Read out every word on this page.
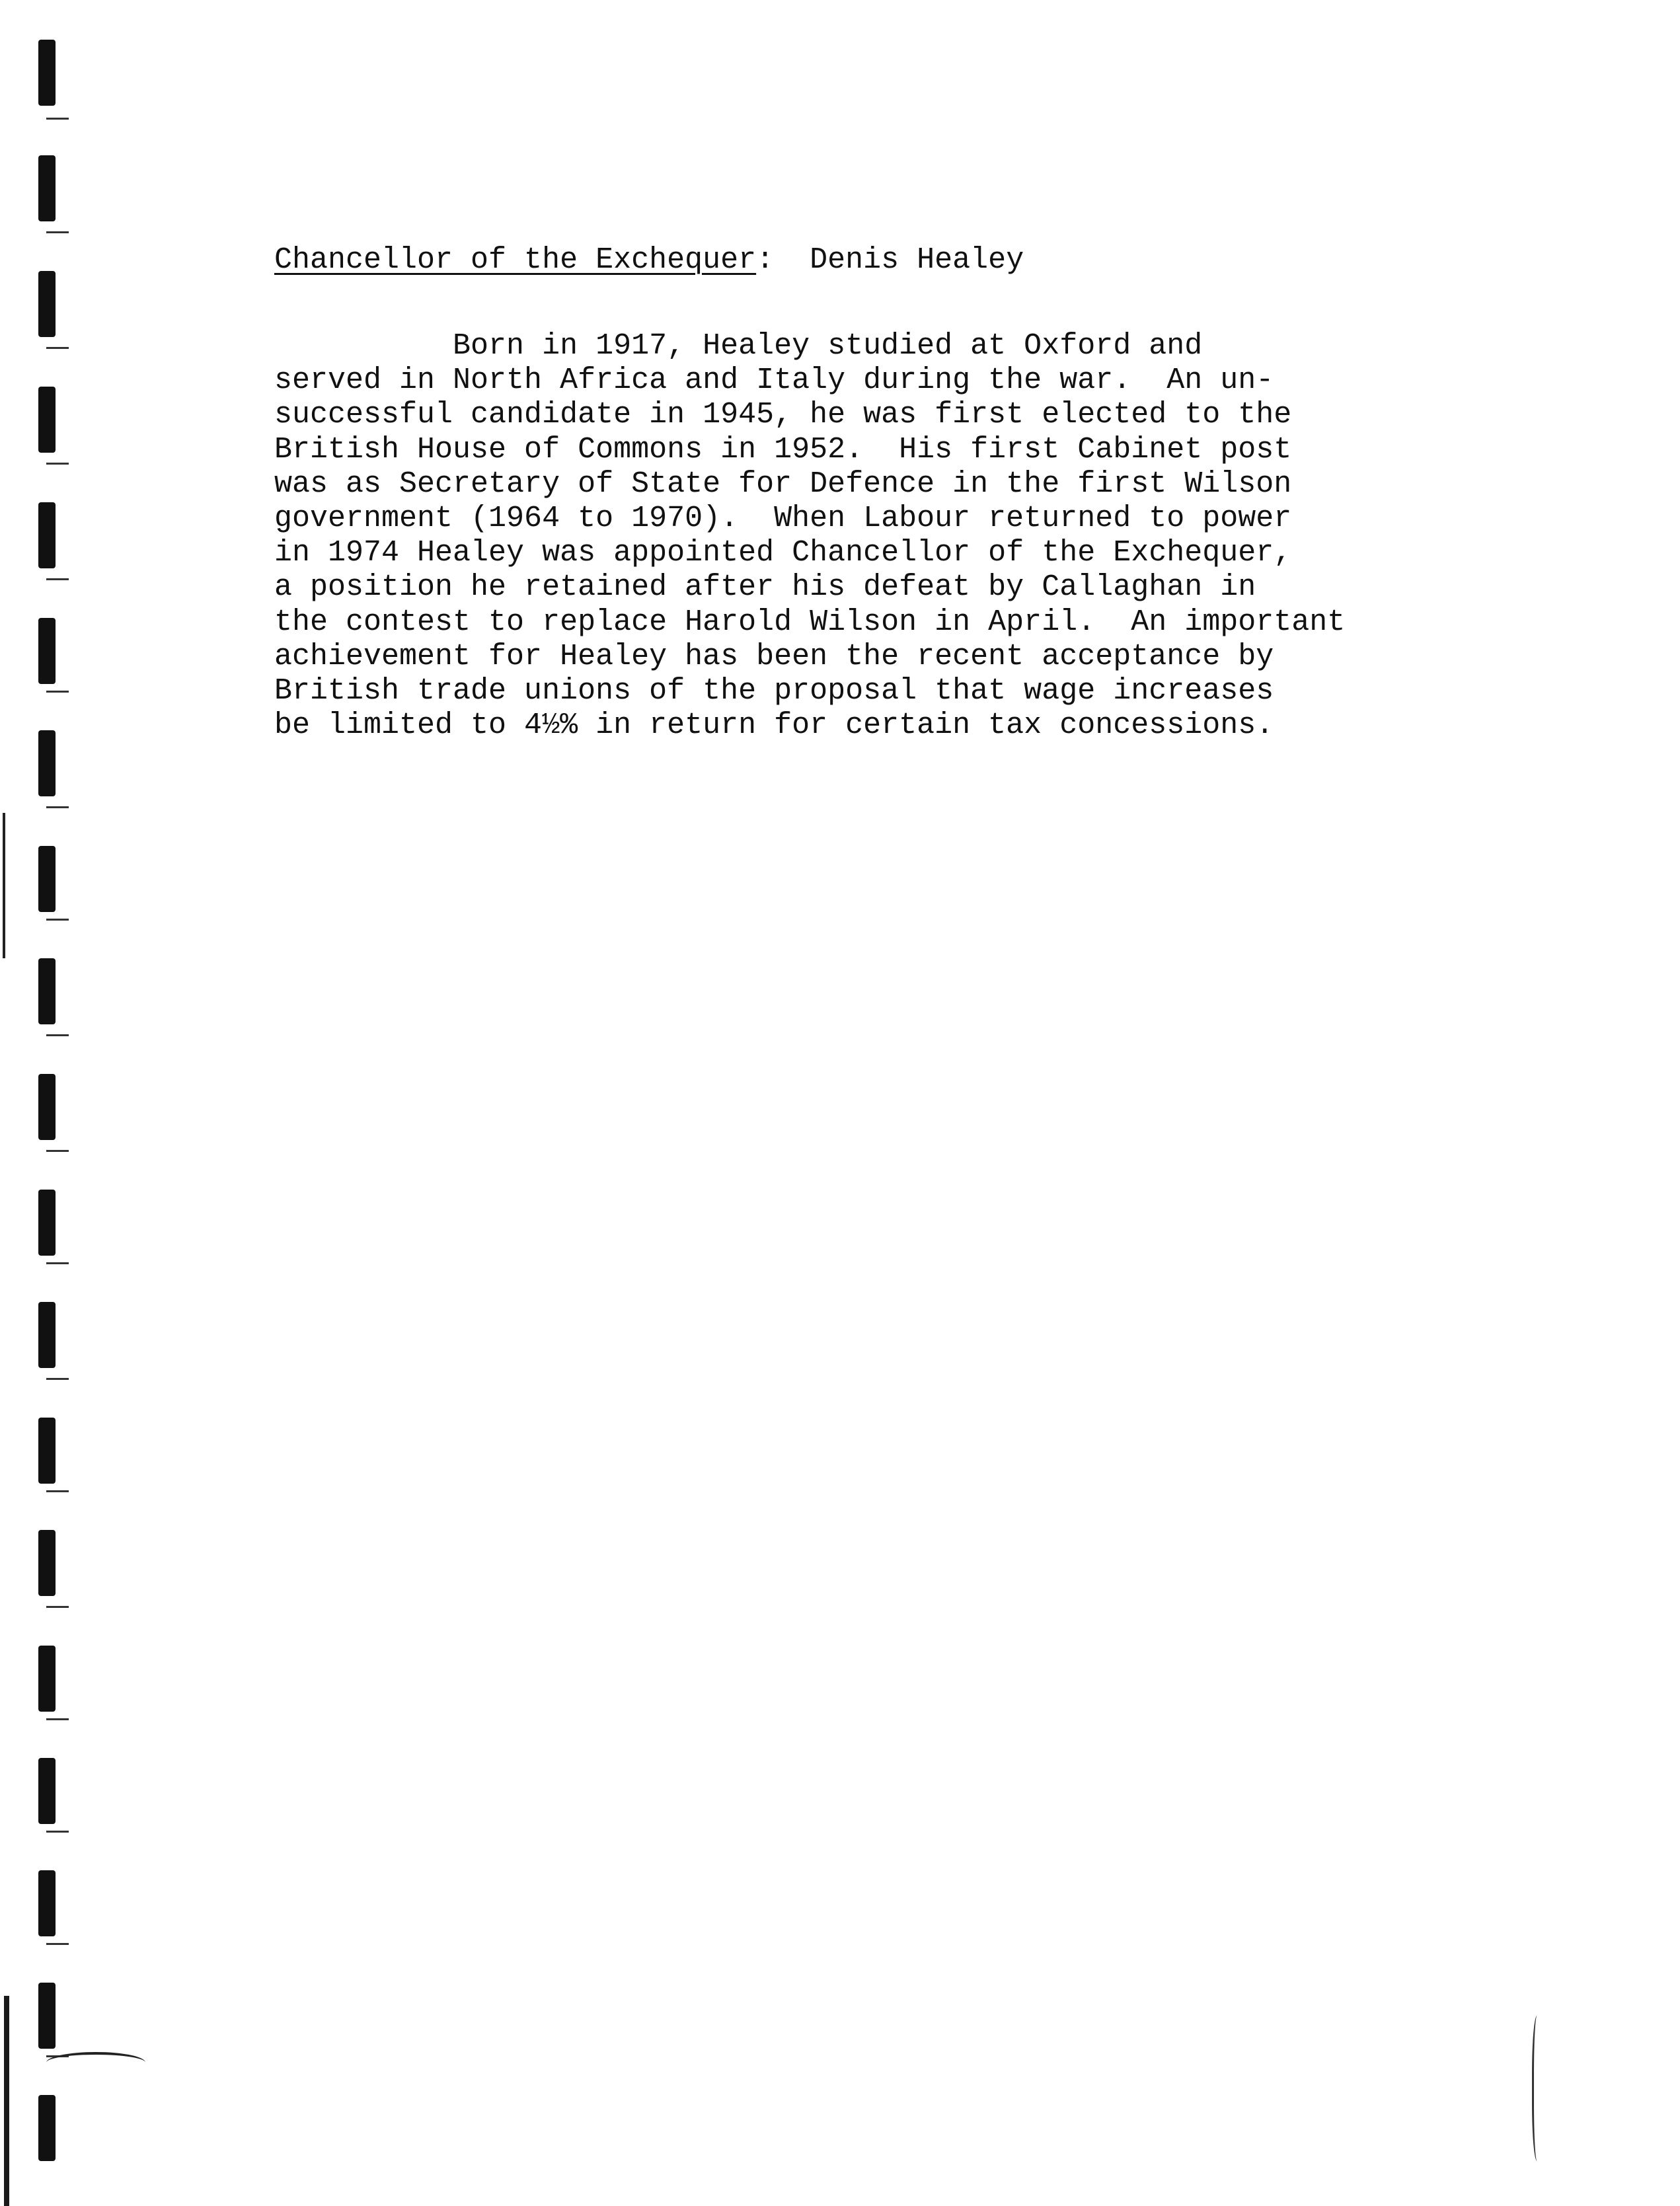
Chancellor of the Exchequer:  Denis Healey
Born in 1917, Healey studied at Oxford and
served in North Africa and Italy during the war.  An un-
successful candidate in 1945, he was first elected to the
British House of Commons in 1952.  His first Cabinet post
was as Secretary of State for Defence in the first Wilson
government (1964 to 1970).  When Labour returned to power
in 1974 Healey was appointed Chancellor of the Exchequer,
a position he retained after his defeat by Callaghan in
the contest to replace Harold Wilson in April.  An important
achievement for Healey has been the recent acceptance by
British trade unions of the proposal that wage increases
be limited to 4½% in return for certain tax concessions.
